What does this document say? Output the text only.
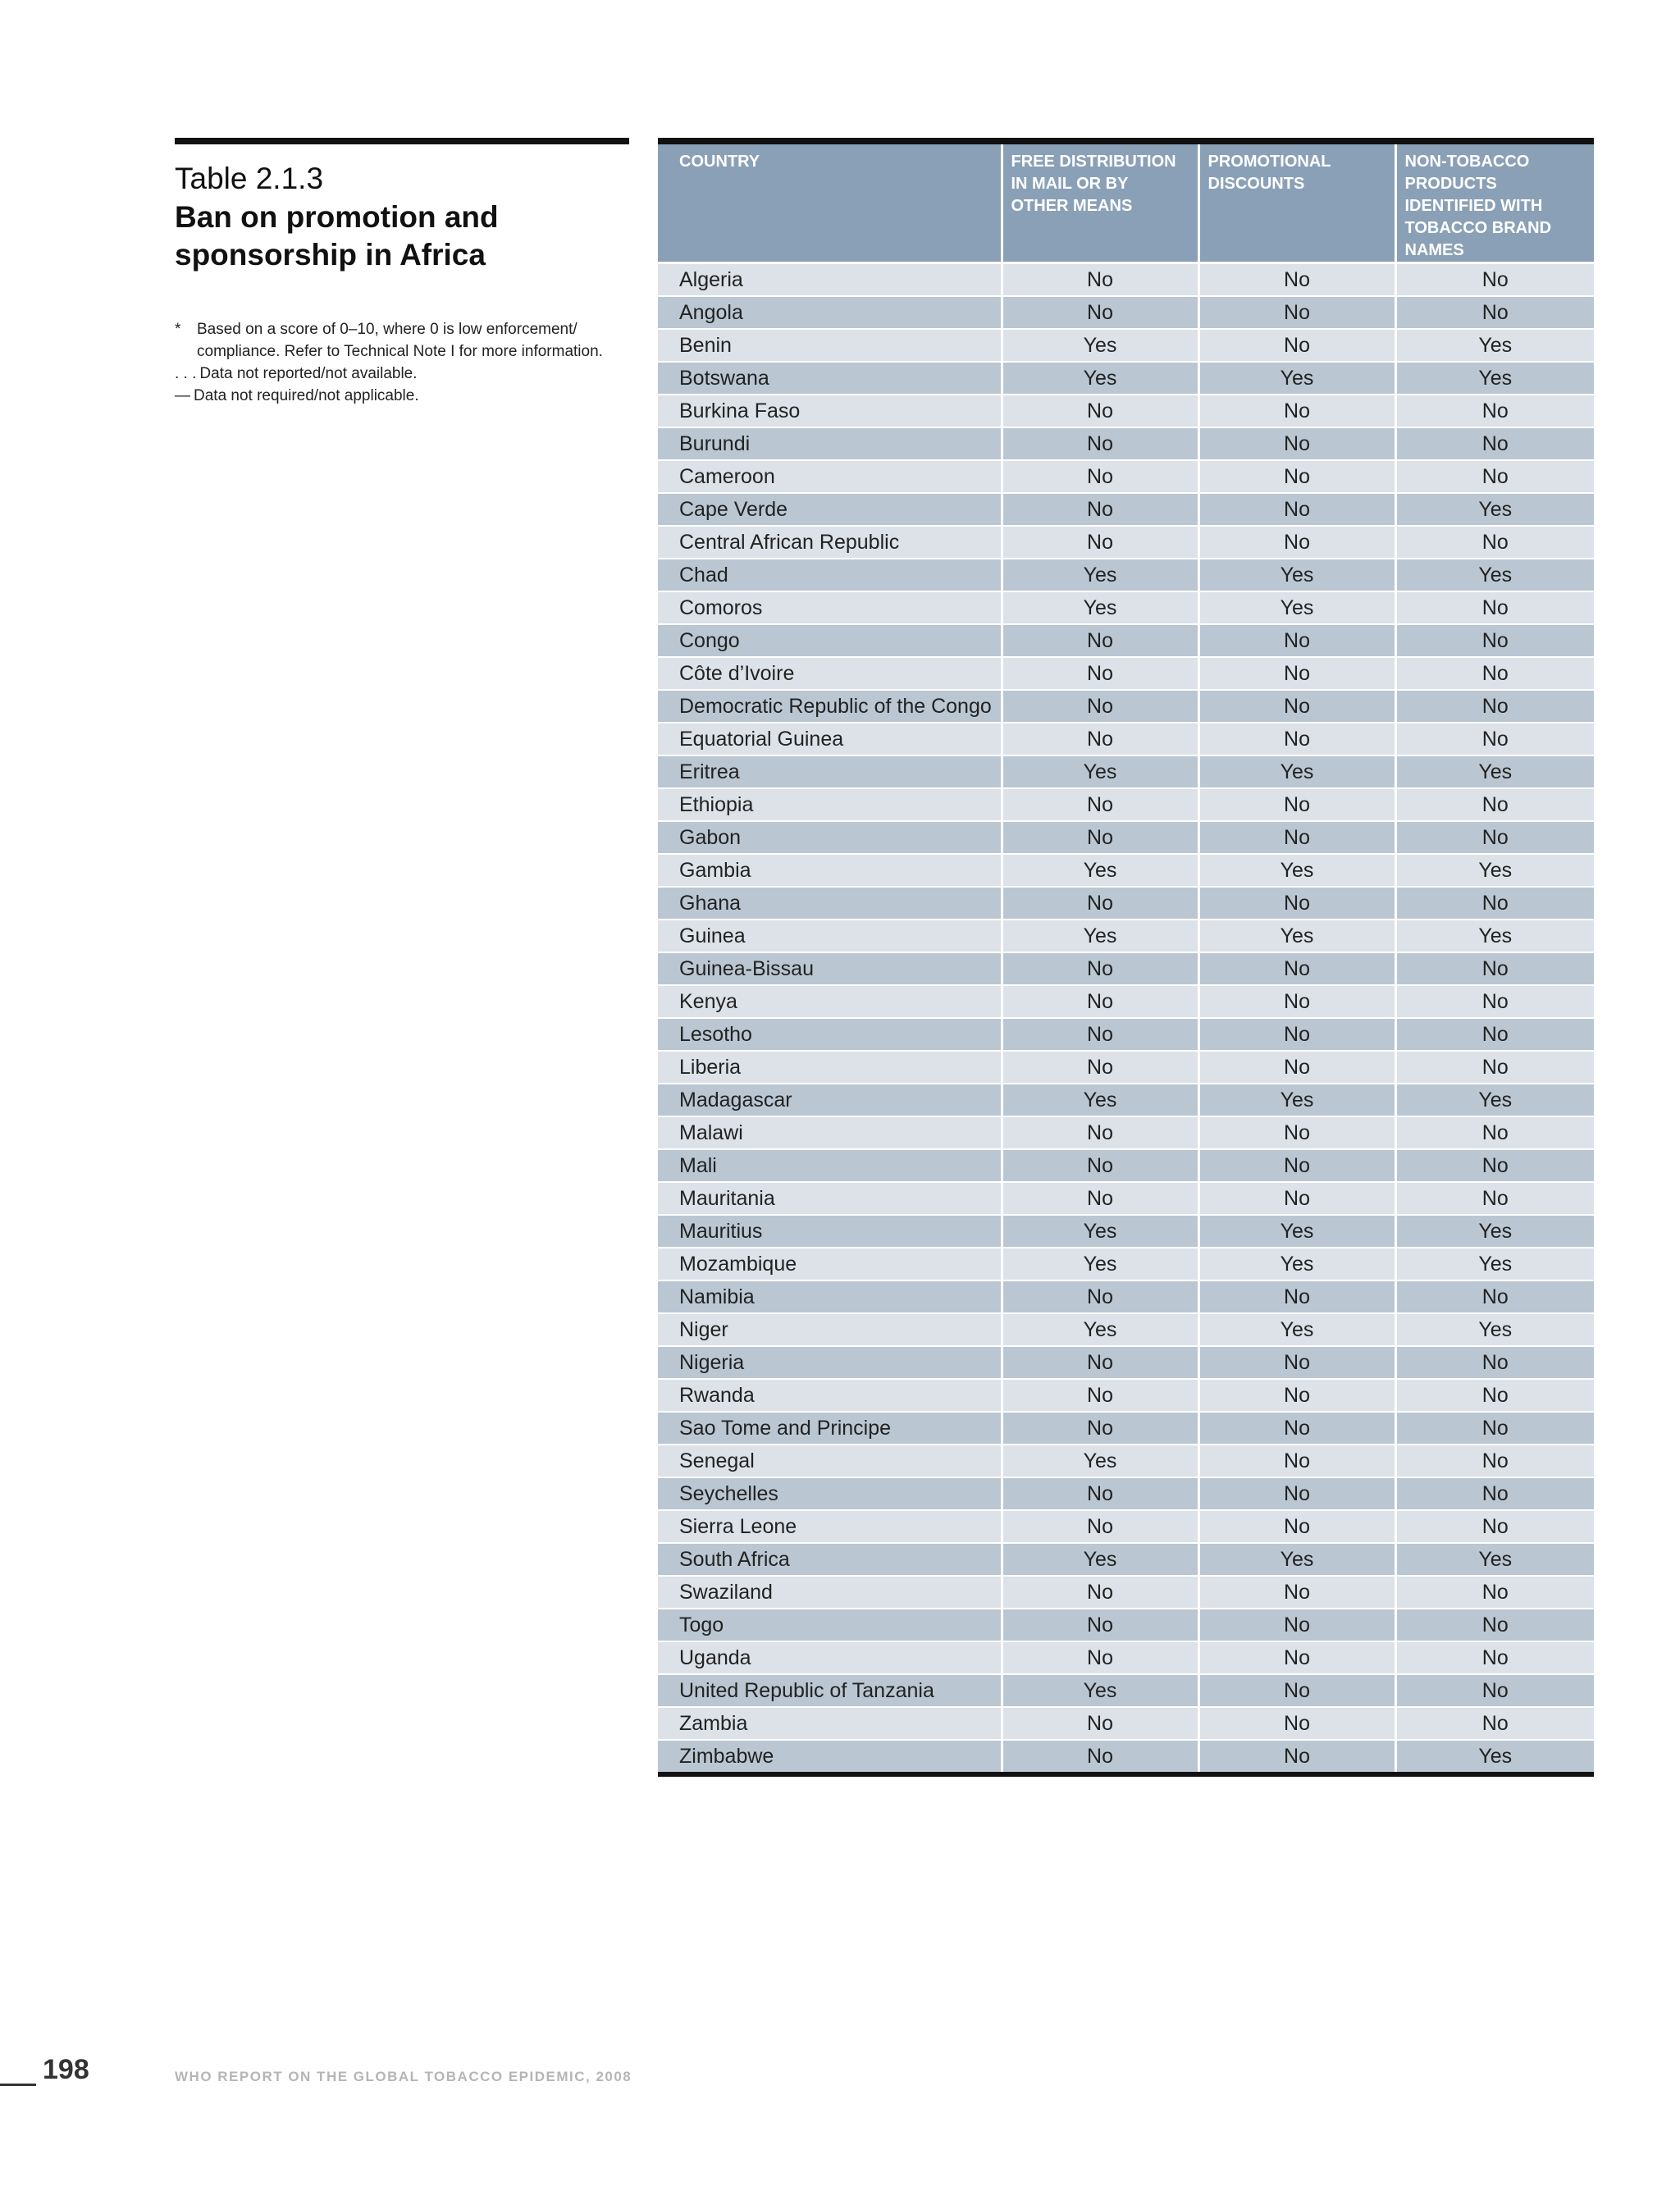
Table 2.1.3
Ban on promotion and sponsorship in Africa
*	Based on a score of 0–10, where 0 is low enforcement/ compliance. Refer to Technical Note I for more information.
. . . Data not reported/not available.
— Data not required/not applicable.
COUNTRY	FREE DISTRIBUTION IN MAIL OR BY OTHER MEANS	PROMOTIONAL DISCOUNTS	NON-TOBACCO PRODUCTS IDENTIFIED WITH TOBACCO BRAND NAMES
Algeria	No	No	No
Angola	No	No	No
Benin	Yes	No	Yes
Botswana	Yes	Yes	Yes
Burkina Faso	No	No	No
Burundi	No	No	No
Cameroon	No	No	No
Cape Verde	No	No	Yes
Central African Republic	No	No	No
Chad	Yes	Yes	Yes
Comoros	Yes	Yes	No
Congo	No	No	No
Côte d’Ivoire	No	No	No
Democratic Republic of the Congo	No	No	No
Equatorial Guinea	No	No	No
Eritrea	Yes	Yes	Yes
Ethiopia	No	No	No
Gabon	No	No	No
Gambia	Yes	Yes	Yes
Ghana	No	No	No
Guinea	Yes	Yes	Yes
Guinea-Bissau	No	No	No
Kenya	No	No	No
Lesotho	No	No	No
Liberia	No	No	No
Madagascar	Yes	Yes	Yes
Malawi	No	No	No
Mali	No	No	No
Mauritania	No	No	No
Mauritius	Yes	Yes	Yes
Mozambique	Yes	Yes	Yes
Namibia	No	No	No
Niger	Yes	Yes	Yes
Nigeria	No	No	No
Rwanda	No	No	No
Sao Tome and Principe	No	No	No
Senegal	Yes	No	No
Seychelles	No	No	No
Sierra Leone	No	No	No
South Africa	Yes	Yes	Yes
Swaziland	No	No	No
Togo	No	No	No
Uganda	No	No	No
United Republic of Tanzania	Yes	No	No
Zambia	No	No	No
Zimbabwe	No	No	Yes
198	WHO REPORT ON THE GLOBAL TOBACCO EPIDEMIC, 2008
